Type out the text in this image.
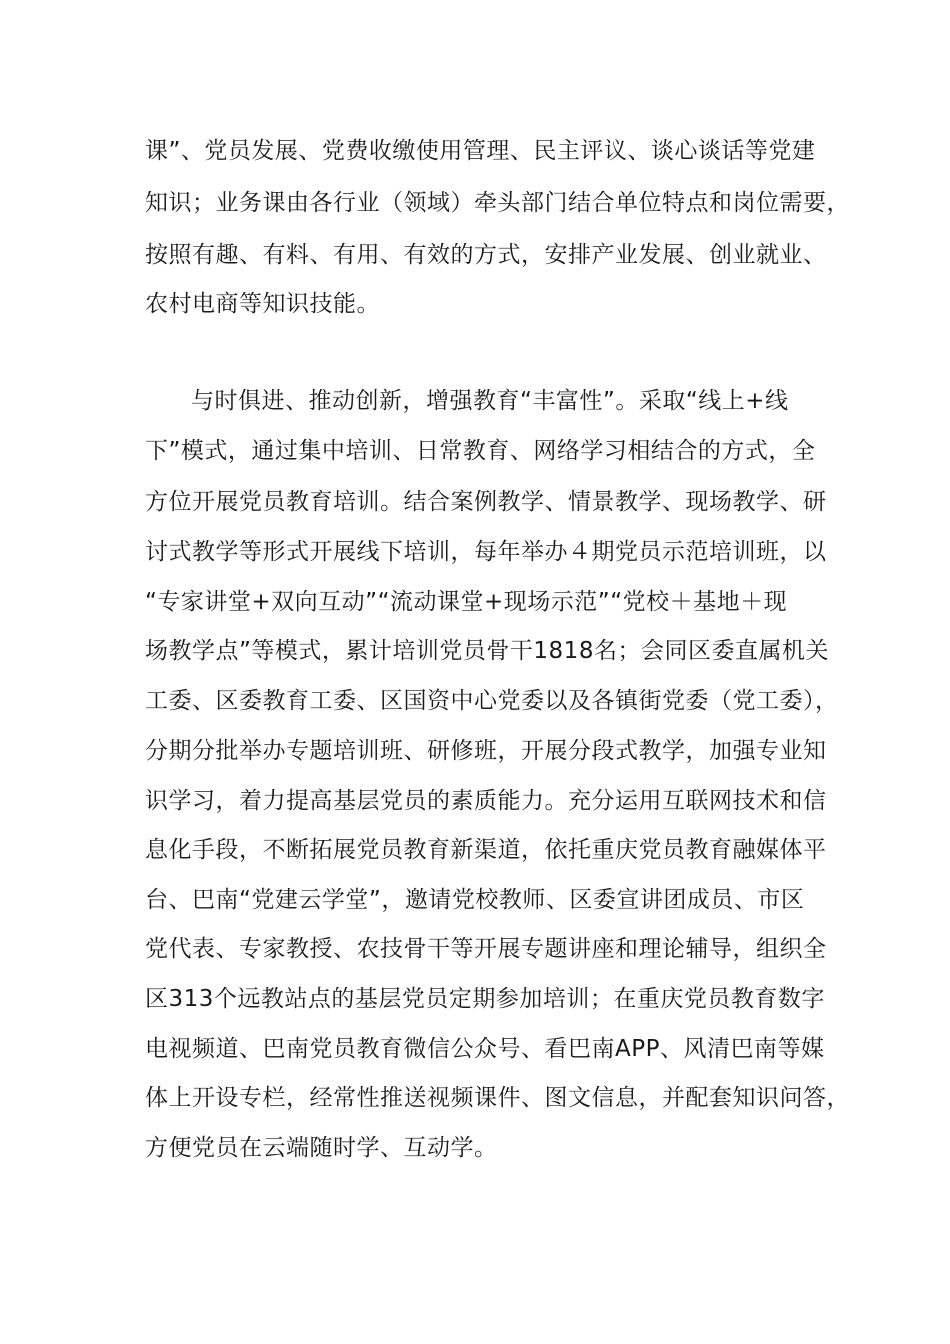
课”、党员发展、党费收缴使用管理、民主评议、谈心谈话等党建
知识；业务课由各行业（领域）牵头部门结合单位特点和岗位需要，
按照有趣、有料、有用、有效的方式，安排产业发展、创业就业、
农村电商等知识技能。
与时俱进、推动创新，增强教育“丰富性”。采取“线上+线
下”模式，通过集中培训、日常教育、网络学习相结合的方式，全
方位开展党员教育培训。结合案例教学、情景教学、现场教学、研
讨式教学等形式开展线下培训，每年举办４期党员示范培训班，以
“专家讲堂+双向互动”“流动课堂+现场示范”“党校＋基地＋现
场教学点”等模式，累计培训党员骨干1818名；会同区委直属机关
工委、区委教育工委、区国资中心党委以及各镇街党委（党工委），
分期分批举办专题培训班、研修班，开展分段式教学，加强专业知
识学习，着力提高基层党员的素质能力。充分运用互联网技术和信
息化手段，不断拓展党员教育新渠道，依托重庆党员教育融媒体平
台、巴南“党建云学堂”，邀请党校教师、区委宣讲团成员、市区
党代表、专家教授、农技骨干等开展专题讲座和理论辅导，组织全
区313个远教站点的基层党员定期参加培训；在重庆党员教育数字
电视频道、巴南党员教育微信公众号、看巴南APP、风清巴南等媒
体上开设专栏，经常性推送视频课件、图文信息，并配套知识问答，
方便党员在云端随时学、互动学。
